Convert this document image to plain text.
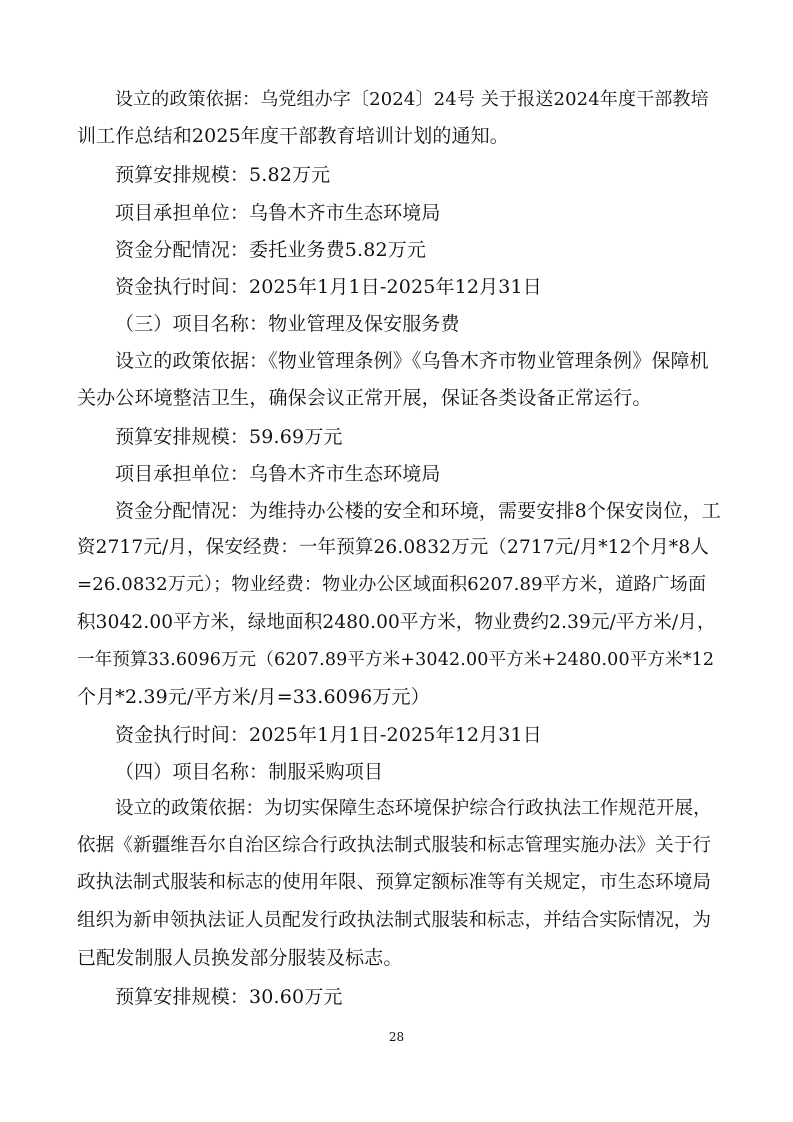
设立的政策依据：乌党组办字〔2024〕24号 关于报送2024年度干部教培
训工作总结和2025年度干部教育培训计划的通知。
预算安排规模：5.82万元
项目承担单位：乌鲁木齐市生态环境局
资金分配情况：委托业务费5.82万元
资金执行时间：2025年1月1日-2025年12月31日
（三）项目名称：物业管理及保安服务费
设立的政策依据：《物业管理条例》《乌鲁木齐市物业管理条例》保障机
关办公环境整洁卫生，确保会议正常开展，保证各类设备正常运行。
预算安排规模：59.69万元
项目承担单位：乌鲁木齐市生态环境局
资金分配情况：为维持办公楼的安全和环境，需要安排8个保安岗位，工
资2717元/月，保安经费：一年预算26.0832万元（2717元/月*12个月*8人
=26.0832万元）；物业经费：物业办公区域面积6207.89平方米，道路广场面
积3042.00平方米，绿地面积2480.00平方米，物业费约2.39元/平方米/月，
一年预算33.6096万元（6207.89平方米+3042.00平方米+2480.00平方米*12
个月*2.39元/平方米/月=33.6096万元）
资金执行时间：2025年1月1日-2025年12月31日
（四）项目名称：制服采购项目
设立的政策依据：为切实保障生态环境保护综合行政执法工作规范开展，
依据《新疆维吾尔自治区综合行政执法制式服装和标志管理实施办法》关于行
政执法制式服装和标志的使用年限、预算定额标准等有关规定，市生态环境局
组织为新申领执法证人员配发行政执法制式服装和标志，并结合实际情况，为
已配发制服人员换发部分服装及标志。
预算安排规模：30.60万元
28
